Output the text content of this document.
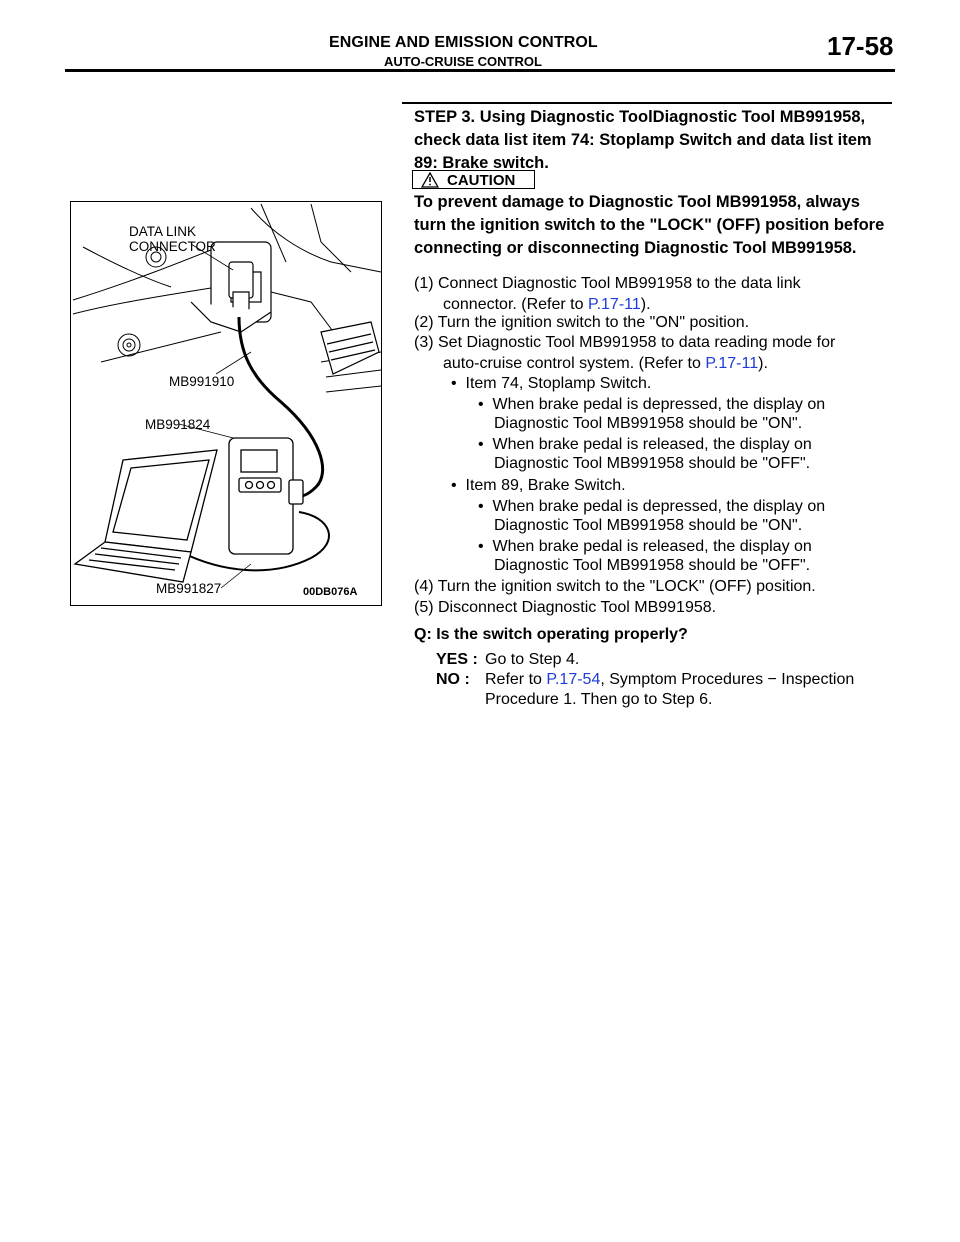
ENGINE AND EMISSION CONTROL
AUTO-CRUISE CONTROL
17-58
DATA LINK
CONNECTOR
MB991910
MB991824
MB991827	00DB076A
STEP 3. Using Diagnostic ToolDiagnostic Tool MB991958, check data list item 74: Stoplamp Switch and data list item 89: Brake switch.
CAUTION
To prevent damage to Diagnostic Tool MB991958, always turn the ignition switch to the "LOCK" (OFF) position before connecting or disconnecting Diagnostic Tool MB991958.
(1) Connect Diagnostic Tool MB991958 to the data link
connector. (Refer to P.17-11).
(2) Turn the ignition switch to the "ON" position.
(3) Set Diagnostic Tool MB991958 to data reading mode for
auto-cruise control system. (Refer to P.17-11).
•  Item 74, Stoplamp Switch.
•  When brake pedal is depressed, the display on
Diagnostic Tool MB991958 should be "ON".
•  When brake pedal is released, the display on
Diagnostic Tool MB991958 should be "OFF".
•  Item 89, Brake Switch.
•  When brake pedal is depressed, the display on
Diagnostic Tool MB991958 should be "ON".
•  When brake pedal is released, the display on
Diagnostic Tool MB991958 should be "OFF".
(4) Turn the ignition switch to the "LOCK" (OFF) position.
(5) Disconnect Diagnostic Tool MB991958.
Q: Is the switch operating properly?
YES : Go to Step 4.
NO : Refer to P.17-54, Symptom Procedures − Inspection
Procedure 1. Then go to Step 6.
